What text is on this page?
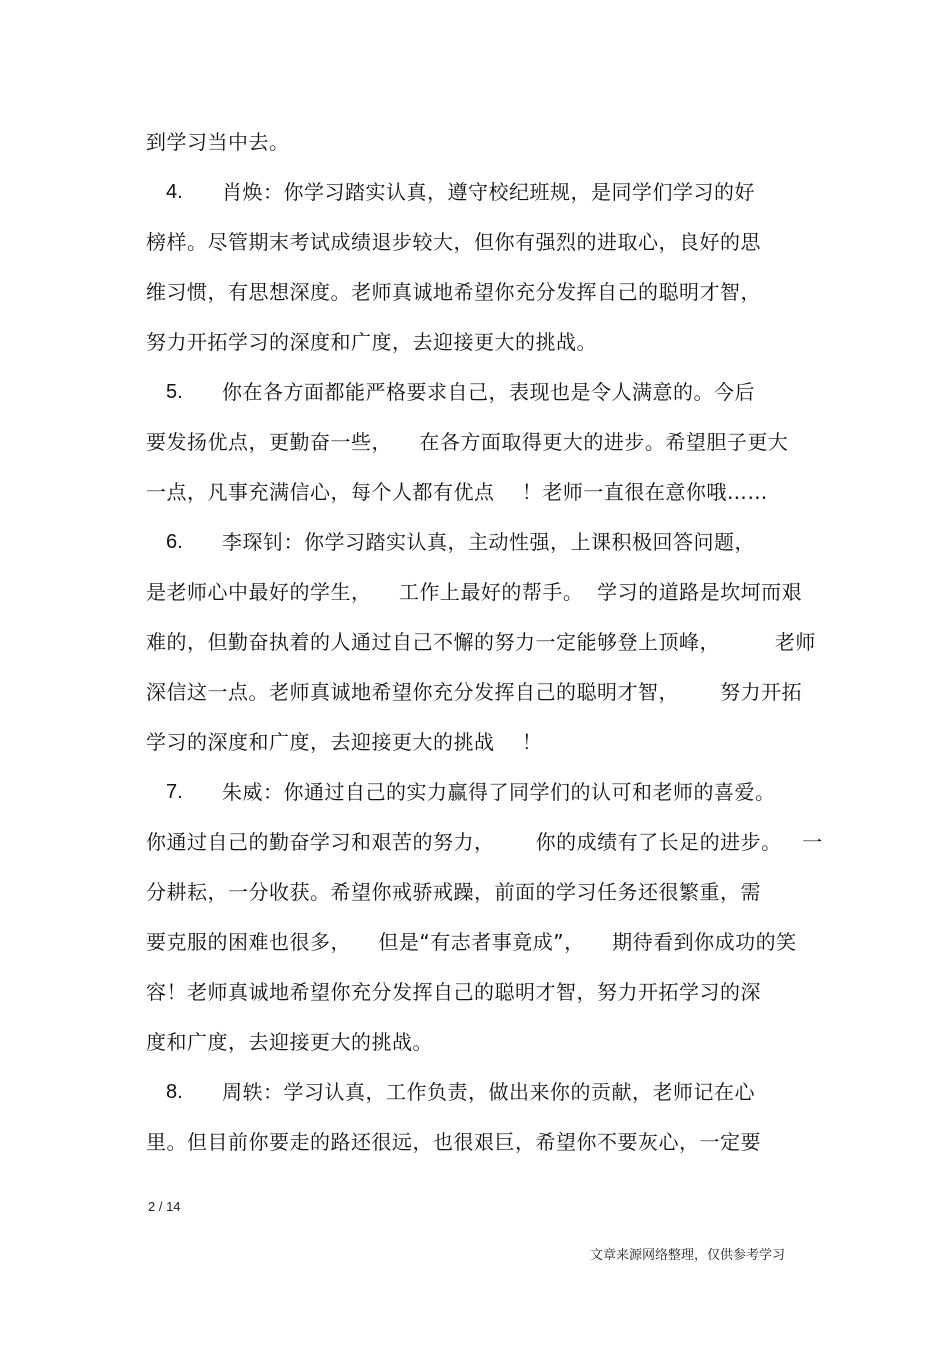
到学习当中去。
4. 肖焕：你学习踏实认真，遵守校纪班规，是同学们学习的好
榜样。尽管期末考试成绩退步较大，但你有强烈的进取心，良好的思
维习惯，有思想深度。老师真诚地希望你充分发挥自己的聪明才智，
努力开拓学习的深度和广度，去迎接更大的挑战。
5. 你在各方面都能严格要求自己，表现也是令人满意的。今后
要发扬优点，更勤奋一些，    在各方面取得更大的进步。希望胆子更大
一点，凡事充满信心，每个人都有优点    ！老师一直很在意你哦……
6. 李琛钊：你学习踏实认真，主动性强，上课积极回答问题，
是老师心中最好的学生，    工作上最好的帮手。  学习的道路是坎坷而艰
难的，但勤奋执着的人通过自己不懈的努力一定能够登上顶峰，        老师
深信这一点。老师真诚地希望你充分发挥自己的聪明才智，      努力开拓
学习的深度和广度，去迎接更大的挑战    ！
7. 朱威：你通过自己的实力赢得了同学们的认可和老师的喜爱。
你通过自己的勤奋学习和艰苦的努力，      你的成绩有了长足的进步。   一
分耕耘，一分收获。希望你戒骄戒躁，前面的学习任务还很繁重，需
要克服的困难也很多，    但是“有志者事竟成”，    期待看到你成功的笑
容！老师真诚地希望你充分发挥自己的聪明才智，努力开拓学习的深
度和广度，去迎接更大的挑战。
8. 周轶：学习认真，工作负责，做出来你的贡献，老师记在心
里。但目前你要走的路还很远，也很艰巨，希望你不要灰心，一定要
2 / 14
文章来源网络整理，仅供参考学习
